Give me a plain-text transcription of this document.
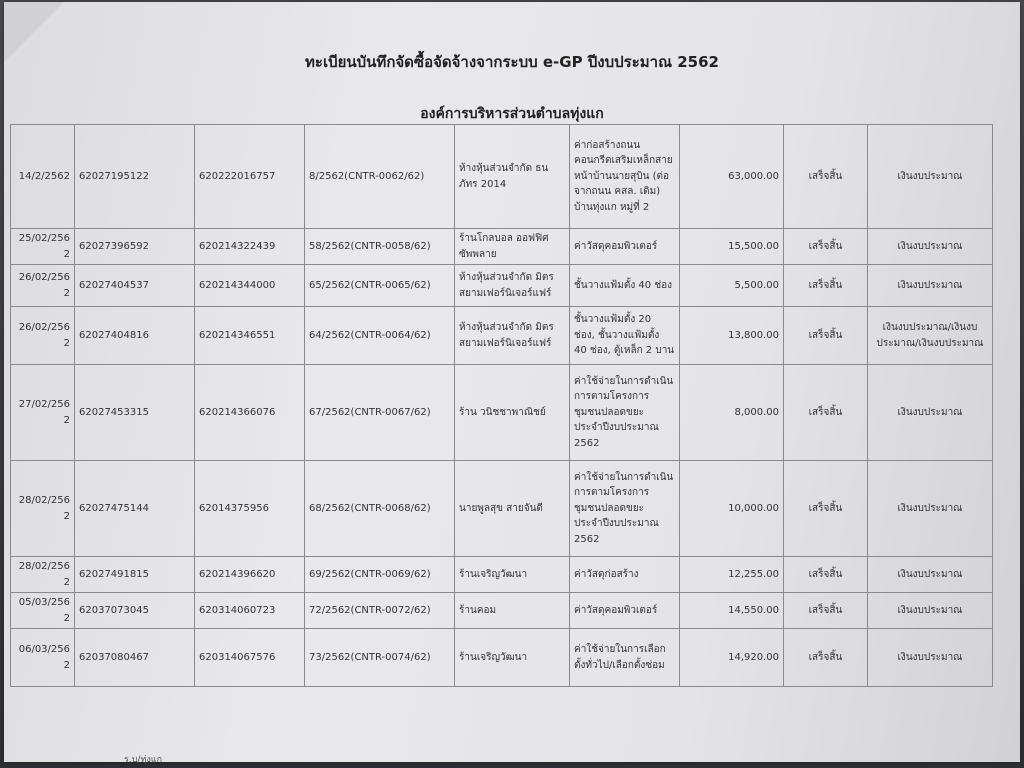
ทะเบียนบันทึกจัดซื้อจัดจ้างจากระบบ e-GP ปีงบประมาณ 2562
องค์การบริหารส่วนตำบลทุ่งแก
14/2/2562	62027195122	620222016757	8/2562(CNTR-0062/62)	ห้างหุ้นส่วนจำกัด ธนภัทร 2014	ค่าก่อสร้างถนนคอนกรีตเสริมเหล็กสายหน้าบ้านนายสุบิน (ต่อจากถนน คสล. เดิม) บ้านทุ่งแก หมู่ที่ 2	63,000.00	เสร็จสิ้น	เงินงบประมาณ
25/02/2562	62027396592	620214322439	58/2562(CNTR-0058/62)	ร้านโกลบอล ออฟฟิศ ซัพพลาย	ค่าวัสดุคอมพิวเตอร์	15,500.00	เสร็จสิ้น	เงินงบประมาณ
26/02/2562	62027404537	620214344000	65/2562(CNTR-0065/62)	ห้างหุ้นส่วนจำกัด มิตรสยามเฟอร์นิเจอร์แฟร์	ชั้นวางแฟ้มตั้ง 40 ช่อง	5,500.00	เสร็จสิ้น	เงินงบประมาณ
26/02/2562	62027404816	620214346551	64/2562(CNTR-0064/62)	ห้างหุ้นส่วนจำกัด มิตรสยามเฟอร์นิเจอร์แฟร์	ชั้นวางแฟ้มตั้ง 20 ช่อง, ชั้นวางแฟ้มตั้ง 40 ช่อง, ตู้เหล็ก 2 บาน	13,800.00	เสร็จสิ้น	เงินงบประมาณ/เงินงบประมาณ/เงินงบประมาณ
27/02/2562	62027453315	620214366076	67/2562(CNTR-0067/62)	ร้าน วนิชชาพาณิชย์	ค่าใช้จ่ายในการดำเนินการตามโครงการชุมชนปลอดขยะ ประจำปีงบประมาณ 2562	8,000.00	เสร็จสิ้น	เงินงบประมาณ
28/02/2562	62027475144	62014375956	68/2562(CNTR-0068/62)	นายพูลสุข สายจันดี	ค่าใช้จ่ายในการดำเนินการตามโครงการชุมชนปลอดขยะ ประจำปีงบประมาณ 2562	10,000.00	เสร็จสิ้น	เงินงบประมาณ
28/02/2562	62027491815	620214396620	69/2562(CNTR-0069/62)	ร้านเจริญวัฒนา	ค่าวัสดุก่อสร้าง	12,255.00	เสร็จสิ้น	เงินงบประมาณ
05/03/2562	62037073045	620314060723	72/2562(CNTR-0072/62)	ร้านคอม	ค่าวัสดุคอมพิวเตอร์	14,550.00	เสร็จสิ้น	เงินงบประมาณ
06/03/2562	62037080467	620314067576	73/2562(CNTR-0074/62)	ร้านเจริญวัฒนา	ค่าใช้จ่ายในการเลือกตั้งทั่วไป/เลือกตั้งซ่อม	14,920.00	เสร็จสิ้น	เงินงบประมาณ
ร.บ/ทุ่งแก
